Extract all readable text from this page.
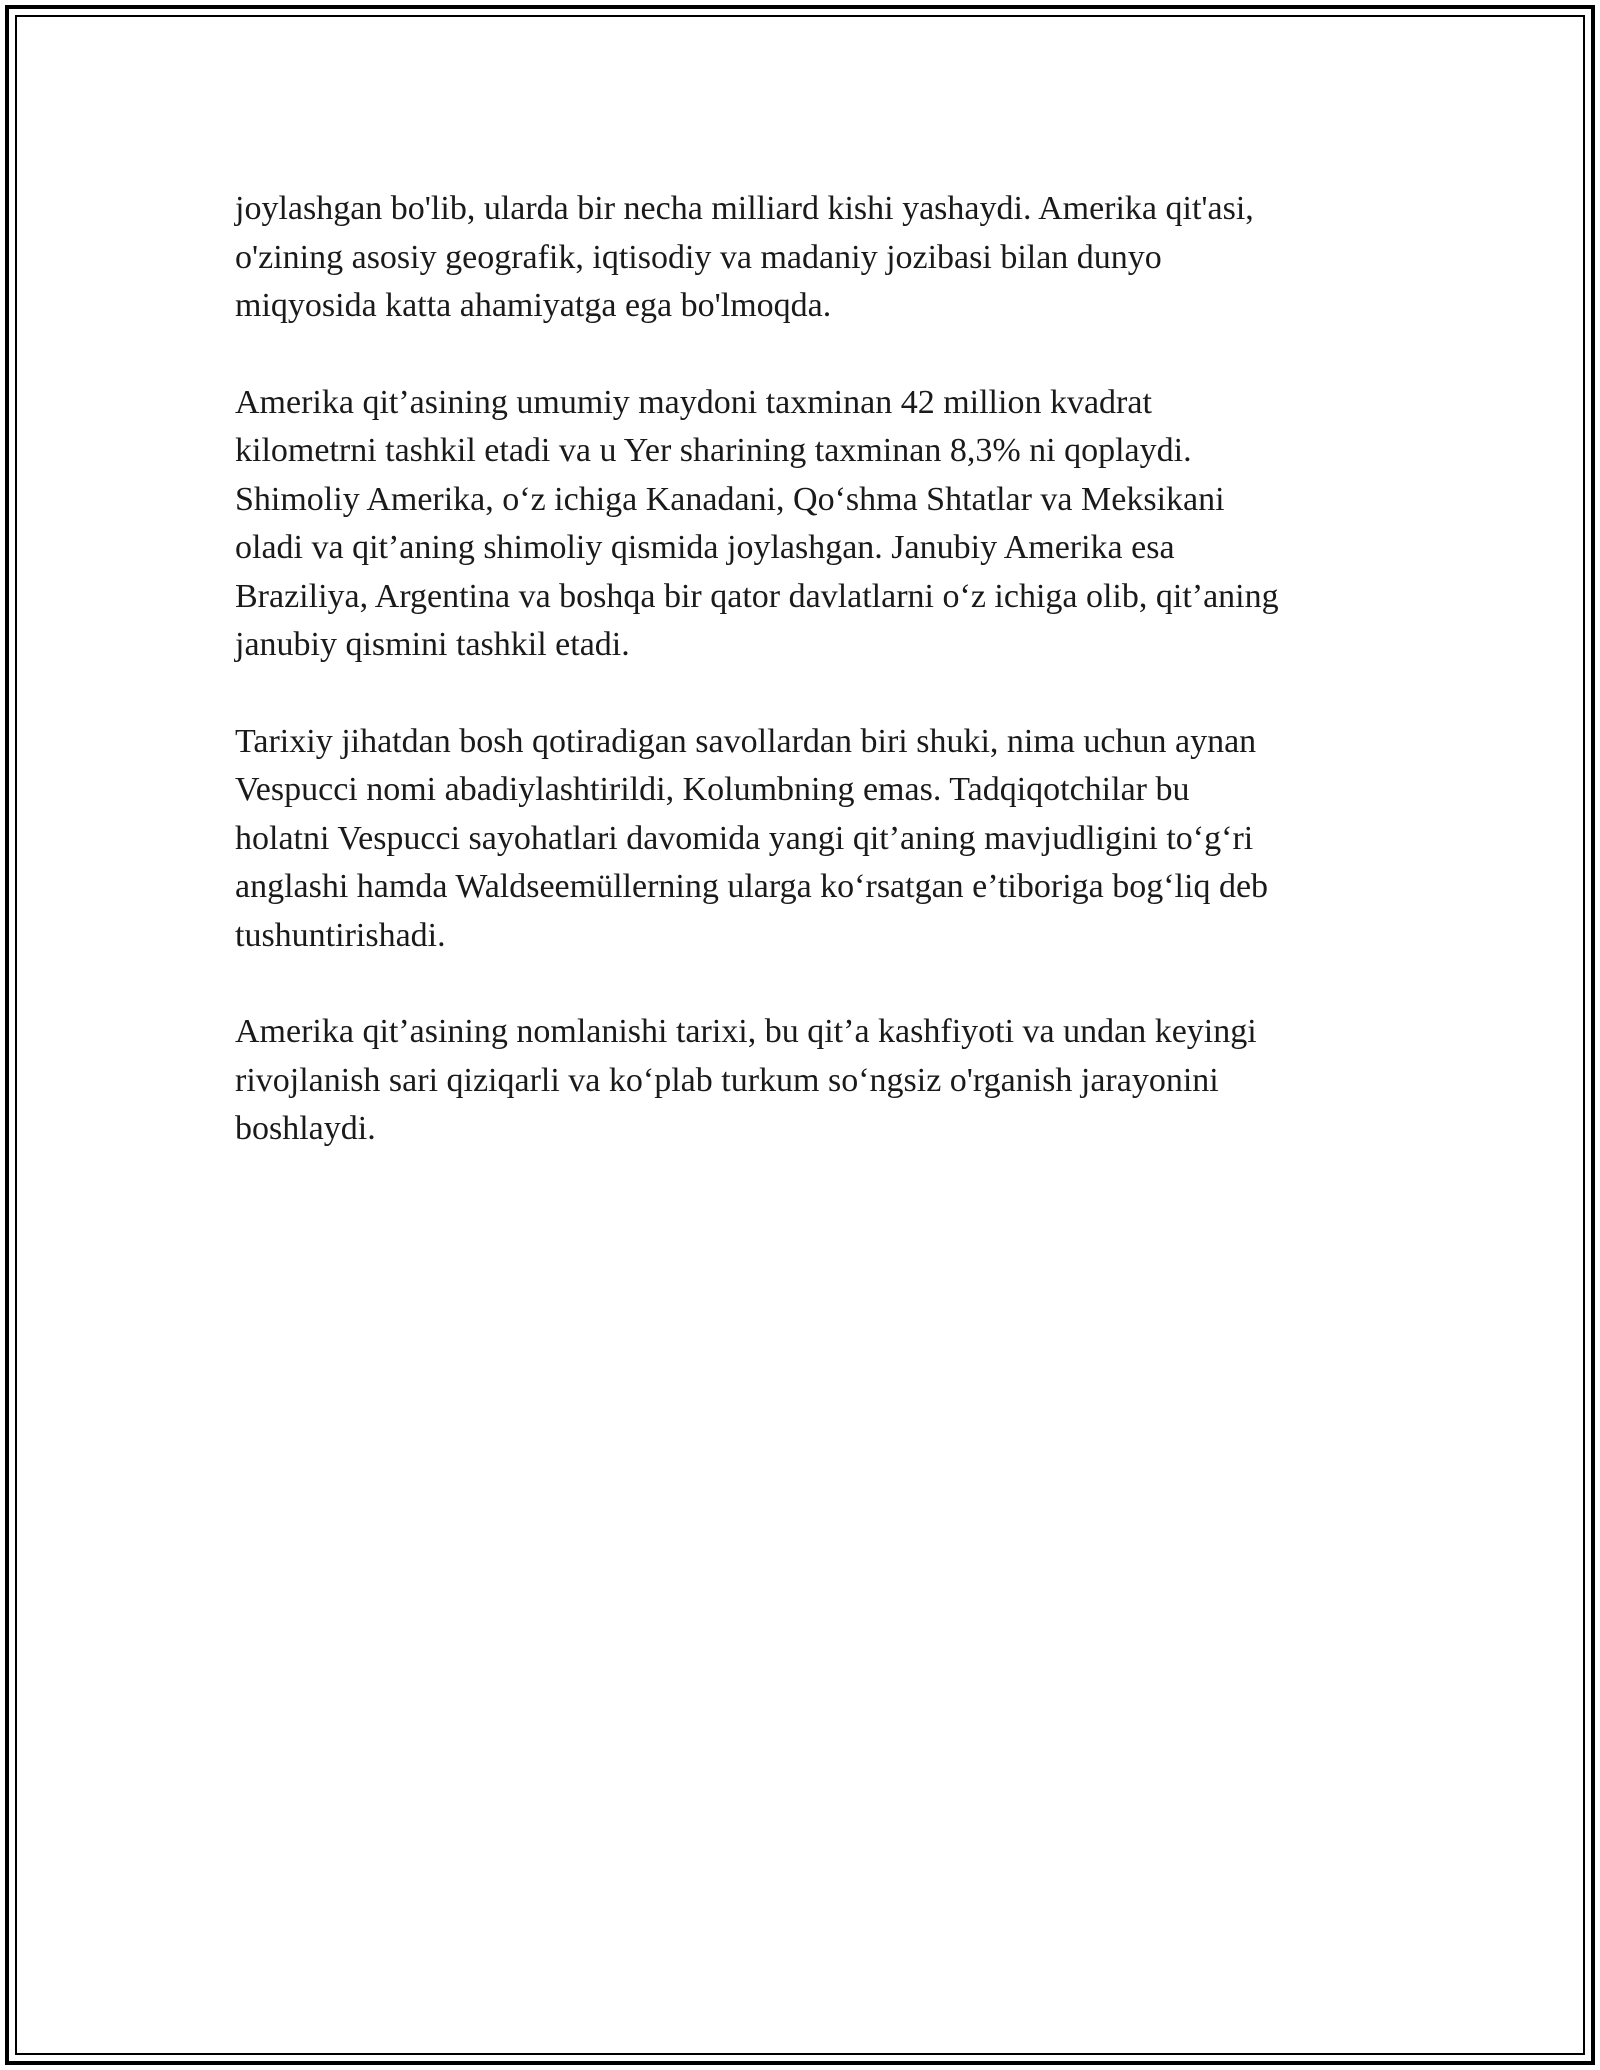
joylashgan bo'lib, ularda bir necha milliard kishi yashaydi. Amerika qit'asi,
o'zining asosiy geografik, iqtisodiy va madaniy jozibasi bilan dunyo
miqyosida katta ahamiyatga ega bo'lmoqda.

Amerika qit’asining umumiy maydoni taxminan 42 million kvadrat
kilometrni tashkil etadi va u Yer sharining taxminan 8,3% ni qoplaydi.
Shimoliy Amerika, o‘z ichiga Kanadani, Qo‘shma Shtatlar va Meksikani
oladi va qit’aning shimoliy qismida joylashgan. Janubiy Amerika esa
Braziliya, Argentina va boshqa bir qator davlatlarni o‘z ichiga olib, qit’aning
janubiy qismini tashkil etadi.

Tarixiy jihatdan bosh qotiradigan savollardan biri shuki, nima uchun aynan
Vespucci nomi abadiylashtirildi, Kolumbning emas. Tadqiqotchilar bu
holatni Vespucci sayohatlari davomida yangi qit’aning mavjudligini to‘g‘ri
anglashi hamda Waldseemüllerning ularga ko‘rsatgan e’tiboriga bog‘liq deb
tushuntirishadi.

Amerika qit’asining nomlanishi tarixi, bu qit’a kashfiyoti va undan keyingi
rivojlanish sari qiziqarli va ko‘plab turkum so‘ngsiz o'rganish jarayonini
boshlaydi.
